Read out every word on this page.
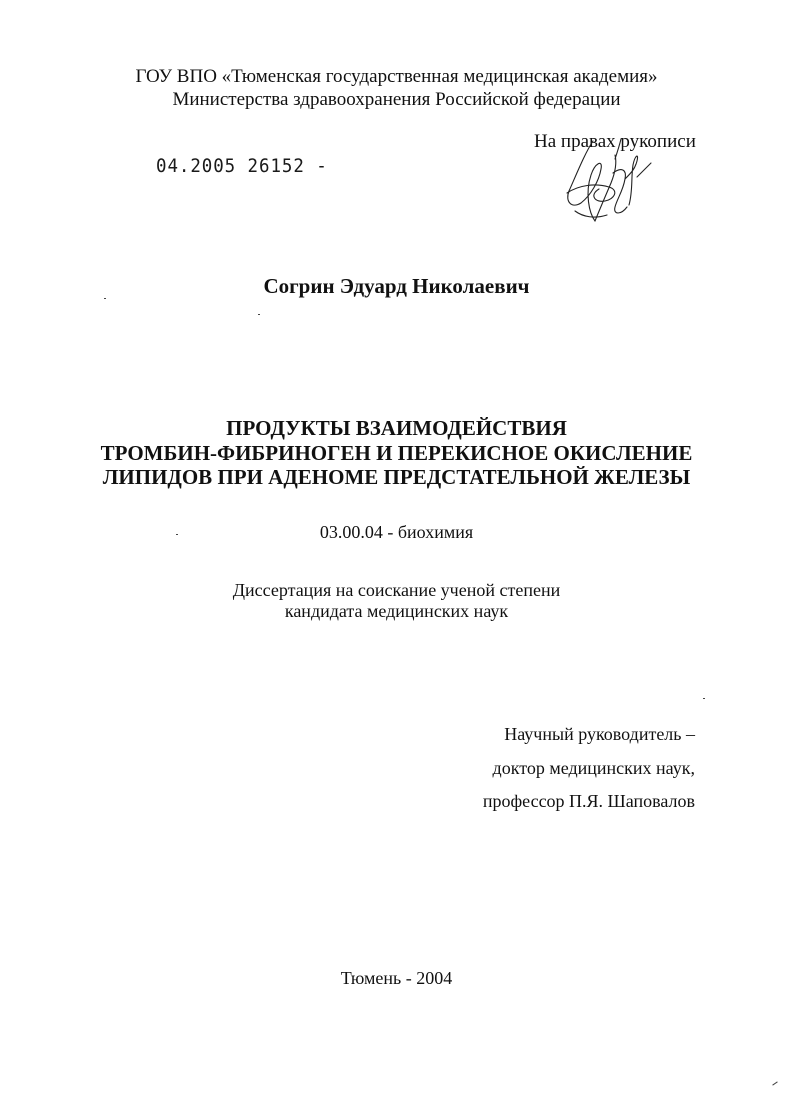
ГОУ ВПО «Тюменская государственная медицинская академия»
Министерства здравоохранения Российской федерации
04.2005 26152 -
На правах рукописи
Согрин Эдуард Николаевич
ПРОДУКТЫ ВЗАИМОДЕЙСТВИЯ
ТРОМБИН-ФИБРИНОГЕН И ПЕРЕКИСНОЕ ОКИСЛЕНИЕ
ЛИПИДОВ ПРИ АДЕНОМЕ ПРЕДСТАТЕЛЬНОЙ ЖЕЛЕЗЫ
03.00.04 - биохимия
Диссертация на соискание ученой степени
кандидата медицинских наук
Научный руководитель –
доктор медицинских наук,
профессор П.Я. Шаповалов
Тюмень - 2004
